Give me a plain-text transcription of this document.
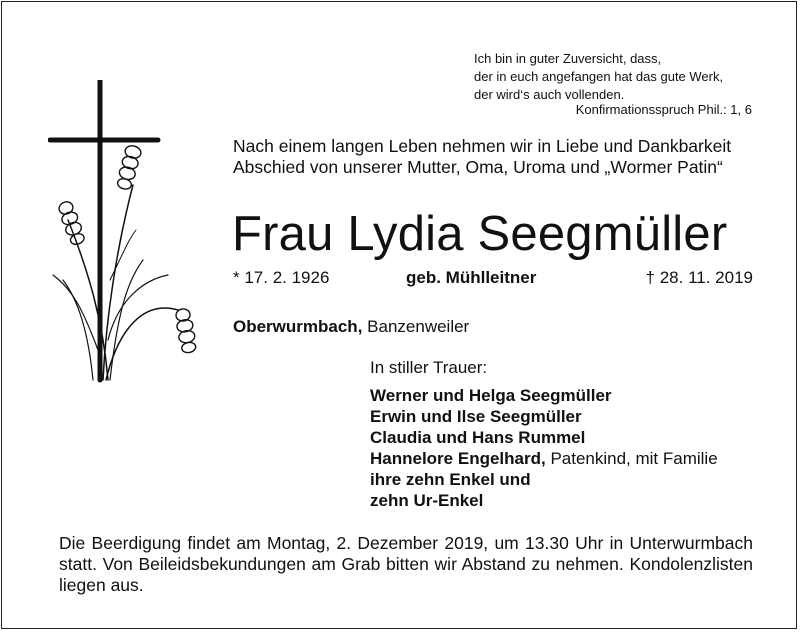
Ich bin in guter Zuversicht, dass,
der in euch angefangen hat das gute Werk,
der wird‘s auch vollenden.
Konfirmationsspruch Phil.: 1, 6
Nach einem langen Leben nehmen wir in Liebe und Dankbarkeit Abschied von unserer Mutter, Oma, Uroma und „Wormer Patin“
Frau Lydia Seegmüller
* 17. 2. 1926	geb. Mühlleitner	† 28. 11. 2019
Oberwurmbach, Banzenweiler
In stiller Trauer:
Werner und Helga Seegmüller
Erwin und Ilse Seegmüller
Claudia und Hans Rummel
Hannelore Engelhard, Patenkind, mit Familie
ihre zehn Enkel und
zehn Ur-Enkel
Die Beerdigung findet am Montag, 2. Dezember 2019, um 13.30 Uhr in Unterwurmbach statt. Von Beileidsbekundungen am Grab bitten wir Abstand zu nehmen. Kondolenzlisten liegen aus.
